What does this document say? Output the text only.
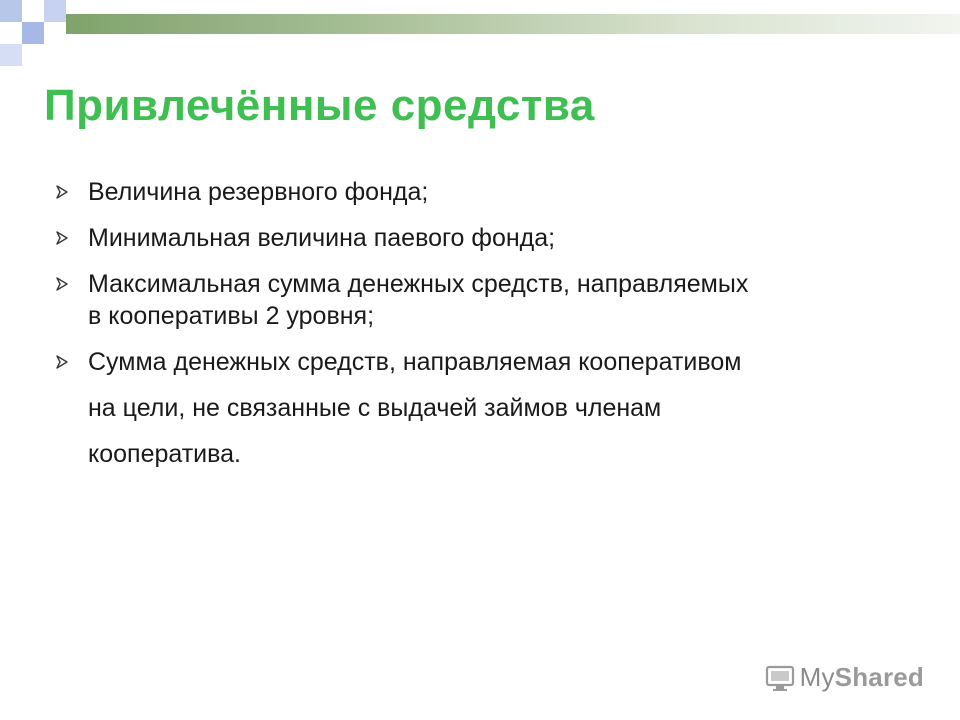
Привлечённые средства
Величина резервного фонда;
Минимальная величина паевого фонда;
Максимальная сумма денежных средств, направляемых
в кооперативы 2 уровня;
Сумма денежных средств, направляемая кооперативом
на цели, не связанные с выдачей займов членам
кооператива.
My Shared
